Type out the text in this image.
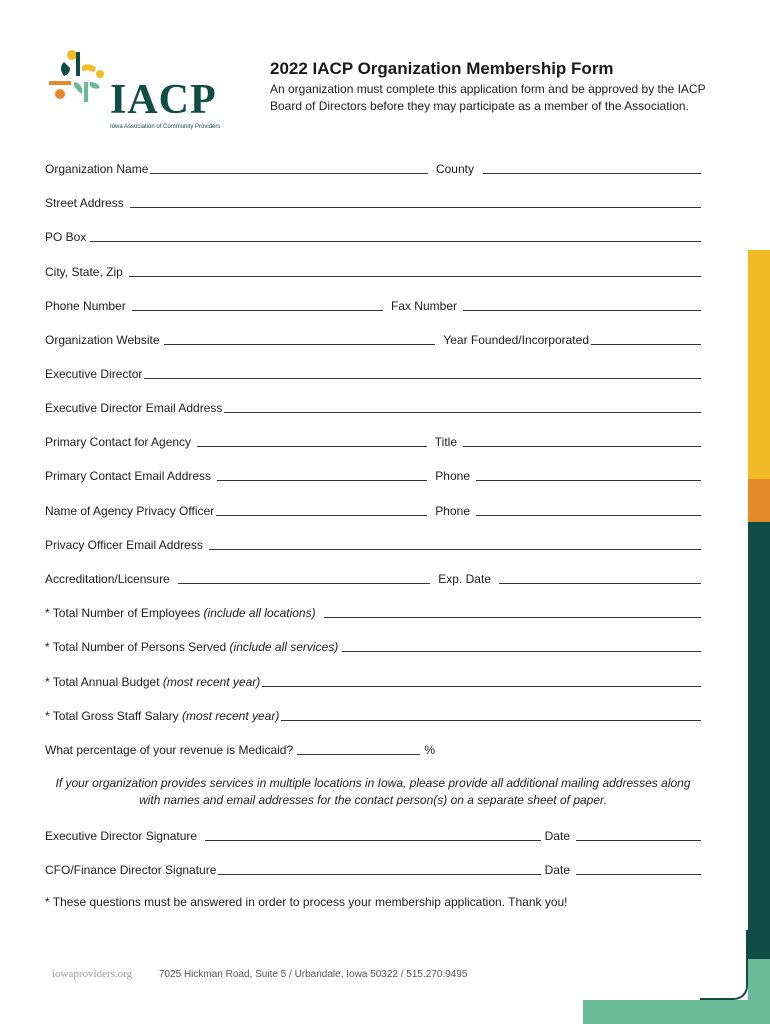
IACP
Iowa Association of Community Providers
2022 IACP Organization Membership Form
An organization must complete this application form and be approved by the IACP Board of Directors before they may participate as a member of the Association.
Organization Name	County
Street Address
PO Box
City, State, Zip
Phone Number	Fax Number
Organization Website	Year Founded/Incorporated
Executive Director
Executive Director Email Address
Primary Contact for Agency	Title
Primary Contact Email Address	Phone
Name of Agency Privacy Officer	Phone
Privacy Officer Email Address
Accreditation/Licensure	Exp. Date
* Total Number of Employees (include all locations)
* Total Number of Persons Served (include all services)
* Total Annual Budget (most recent year)
* Total Gross Staff Salary (most recent year)
What percentage of your revenue is Medicaid?	%
If your organization provides services in multiple locations in Iowa, please provide all additional mailing addresses along with names and email addresses for the contact person(s) on a separate sheet of paper.
Executive Director Signature	Date
CFO/Finance Director Signature	Date
* These questions must be answered in order to process your membership application. Thank you!
iowaproviders.org	7025 Hickman Road, Suite 5 / Urbandale, Iowa 50322 / 515.270.9495
